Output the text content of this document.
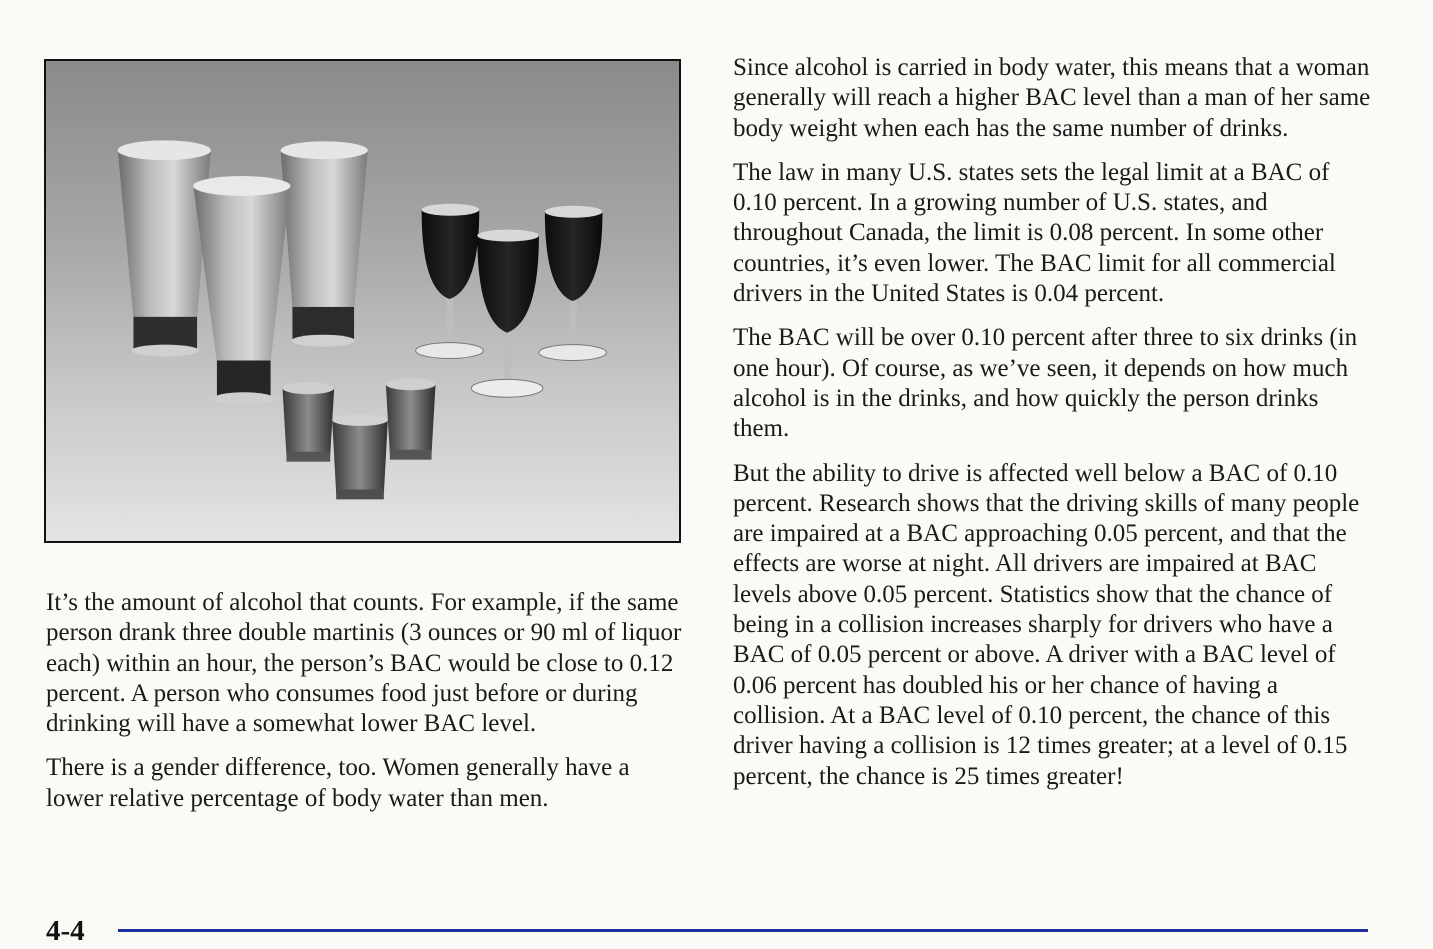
It’s the amount of alcohol that counts. For example, if the same person drank three double martinis (3 ounces or 90 ml of liquor each) within an hour, the person’s BAC would be close to 0.12 percent. A person who consumes food just before or during drinking will have a somewhat lower BAC level.

There is a gender difference, too. Women generally have a lower relative percentage of body water than men.

Since alcohol is carried in body water, this means that a woman generally will reach a higher BAC level than a man of her same body weight when each has the same number of drinks.

The law in many U.S. states sets the legal limit at a BAC of 0.10 percent. In a growing number of U.S. states, and throughout Canada, the limit is 0.08 percent. In some other countries, it’s even lower. The BAC limit for all commercial drivers in the United States is 0.04 percent.

The BAC will be over 0.10 percent after three to six drinks (in one hour). Of course, as we’ve seen, it depends on how much alcohol is in the drinks, and how quickly the person drinks them.

But the ability to drive is affected well below a BAC of 0.10 percent. Research shows that the driving skills of many people are impaired at a BAC approaching 0.05 percent, and that the effects are worse at night. All drivers are impaired at BAC levels above 0.05 percent. Statistics show that the chance of being in a collision increases sharply for drivers who have a BAC of 0.05 percent or above. A driver with a BAC level of 0.06 percent has doubled his or her chance of having a collision. At a BAC level of 0.10 percent, the chance of this driver having a collision is 12 times greater; at a level of 0.15 percent, the chance is 25 times greater!

4-4
